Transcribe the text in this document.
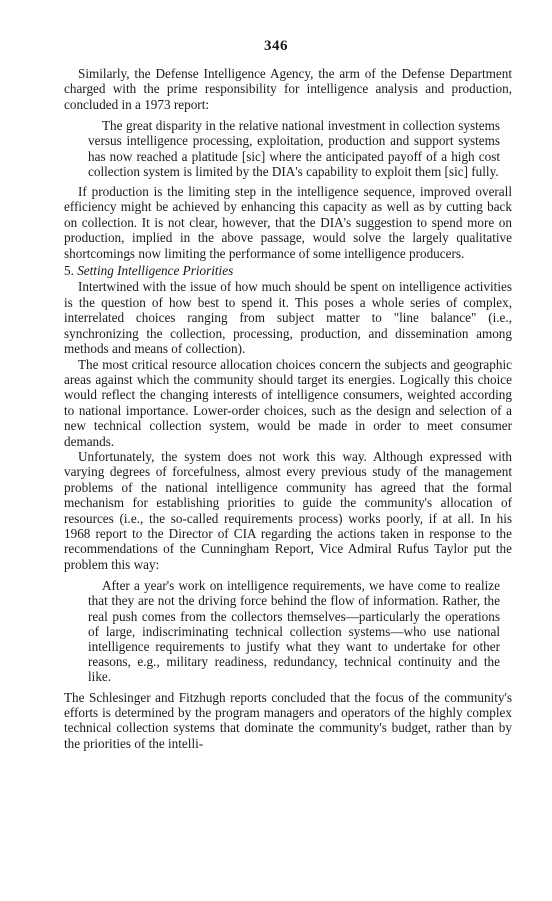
346

Similarly, the Defense Intelligence Agency, the arm of the Defense Department charged with the prime responsibility for intelligence analysis and production, concluded in a 1973 report:

The great disparity in the relative national investment in collection systems versus intelligence processing, exploitation, production and support systems has now reached a platitude [sic] where the anticipated payoff of a high cost collection system is limited by the DIA's capability to exploit them [sic] fully.

If production is the limiting step in the intelligence sequence, improved overall efficiency might be achieved by enhancing this capacity as well as by cutting back on collection. It is not clear, however, that the DIA's suggestion to spend more on production, implied in the above passage, would solve the largely qualitative shortcomings now limiting the performance of some intelligence producers.

5. Setting Intelligence Priorities

Intertwined with the issue of how much should be spent on intelligence activities is the question of how best to spend it. This poses a whole series of complex, interrelated choices ranging from subject matter to "line balance" (i.e., synchronizing the collection, processing, production, and dissemination among methods and means of collection).

The most critical resource allocation choices concern the subjects and geographic areas against which the community should target its energies. Logically this choice would reflect the changing interests of intelligence consumers, weighted according to national importance. Lower-order choices, such as the design and selection of a new technical collection system, would be made in order to meet consumer demands.

Unfortunately, the system does not work this way. Although expressed with varying degrees of forcefulness, almost every previous study of the management problems of the national intelligence community has agreed that the formal mechanism for establishing priorities to guide the community's allocation of resources (i.e., the so-called requirements process) works poorly, if at all. In his 1968 report to the Director of CIA regarding the actions taken in response to the recommendations of the Cunningham Report, Vice Admiral Rufus Taylor put the problem this way:

After a year's work on intelligence requirements, we have come to realize that they are not the driving force behind the flow of information. Rather, the real push comes from the collectors themselves—particularly the operations of large, indiscriminating technical collection systems—who use national intelligence requirements to justify what they want to undertake for other reasons, e.g., military readiness, redundancy, technical continuity and the like.

The Schlesinger and Fitzhugh reports concluded that the focus of the community's efforts is determined by the program managers and operators of the highly complex technical collection systems that dominate the community's budget, rather than by the priorities of the intelli-
